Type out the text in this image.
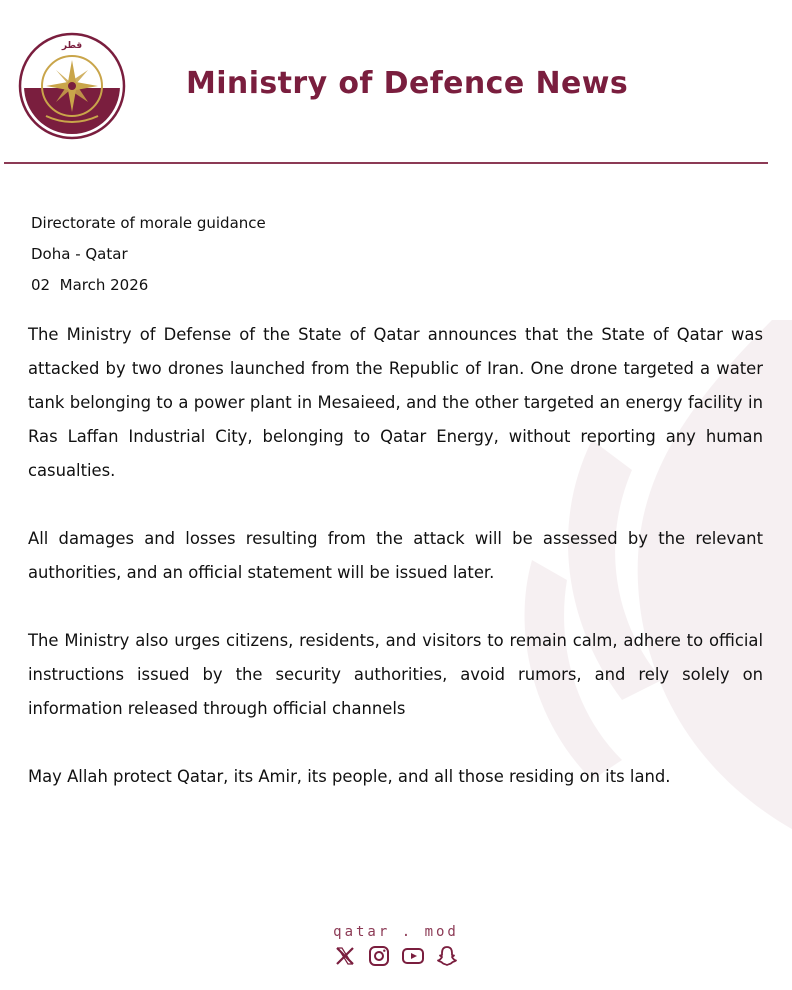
قطر
Ministry of Defence News
Directorate of morale guidance
Doha - Qatar
02  March 2026

The Ministry of Defense of the State of Qatar announces that the State of Qatar was attacked by two drones launched from the Republic of Iran. One drone targeted a water tank belonging to a power plant in Mesaieed, and the other targeted an energy facility in Ras Laffan Industrial City, belonging to Qatar Energy, without reporting any human casualties.

All damages and losses resulting from the attack will be assessed by the relevant authorities, and an official statement will be issued later.

The Ministry also urges citizens, residents, and visitors to remain calm, adhere to official instructions issued by the security authorities, avoid rumors, and rely solely on information released through official channels

May Allah protect Qatar, its Amir, its people, and all those residing on its land.

qatar . mod
